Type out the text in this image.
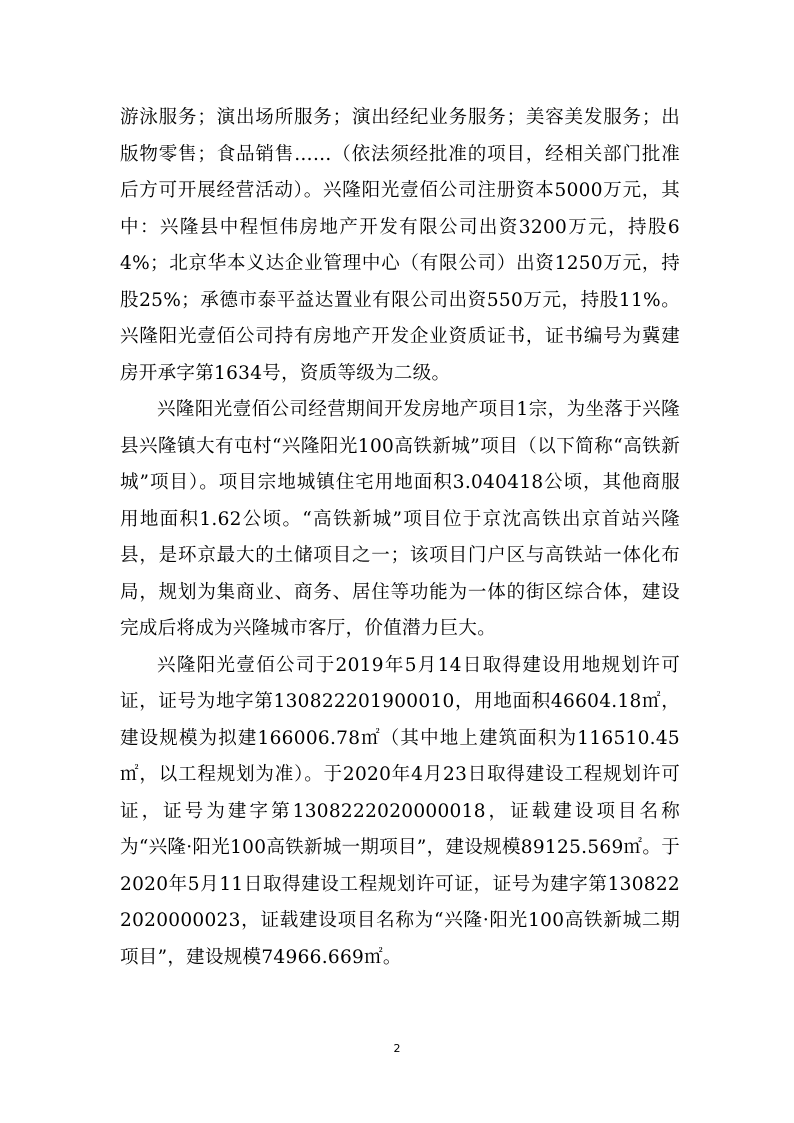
游泳服务；演出场所服务；演出经纪业务服务；美容美发服务；出版物零售；食品销售……（依法须经批准的项目，经相关部门批准后方可开展经营活动）。兴隆阳光壹佰公司注册资本5000万元，其中：兴隆县中程恒伟房地产开发有限公司出资3200万元，持股64%；北京华本义达企业管理中心（有限公司）出资1250万元，持股25%；承德市泰平益达置业有限公司出资550万元，持股11%。兴隆阳光壹佰公司持有房地产开发企业资质证书，证书编号为冀建房开承字第1634号，资质等级为二级。

兴隆阳光壹佰公司经营期间开发房地产项目1宗，为坐落于兴隆县兴隆镇大有屯村“兴隆阳光100高铁新城”项目（以下简称“高铁新城”项目）。项目宗地城镇住宅用地面积3.040418公顷，其他商服用地面积1.62公顷。“高铁新城”项目位于京沈高铁出京首站兴隆县，是环京最大的土储项目之一；该项目门户区与高铁站一体化布局，规划为集商业、商务、居住等功能为一体的街区综合体，建设完成后将成为兴隆城市客厅，价值潜力巨大。

兴隆阳光壹佰公司于2019年5月14日取得建设用地规划许可证，证号为地字第130822201900010，用地面积46604.18㎡，建设规模为拟建166006.78㎡（其中地上建筑面积为116510.45㎡，以工程规划为准）。于2020年4月23日取得建设工程规划许可证，证号为建字第1308222020000018，证载建设项目名称为“兴隆·阳光100高铁新城一期项目”，建设规模89125.569㎡。于2020年5月11日取得建设工程规划许可证，证号为建字第1308222020000023，证载建设项目名称为“兴隆·阳光100高铁新城二期项目”，建设规模74966.669㎡。

2
